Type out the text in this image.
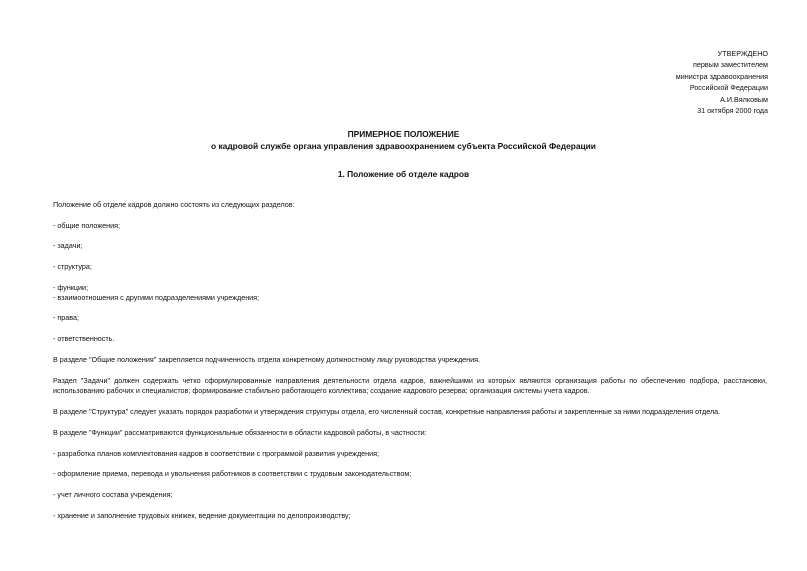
УТВЕРЖДЕНО
первым заместителем
министра здравоохранения
Российской Федерации
А.И.Вялковым
31 октября 2000 года
ПРИМЕРНОЕ ПОЛОЖЕНИЕ
о кадровой службе органа управления здравоохранением субъекта Российской Федерации
1. Положение об отделе кадров
Положение об отделе кадров должно состоять из следующих разделов:
- общие положения;
- задачи;
- структура;
- функции;
- взаимоотношения с другими подразделениями учреждения;
- права;
- ответственность.
В разделе "Общие положения" закрепляется подчиненность отдела конкретному должностному лицу руководства учреждения.
Раздел "Задачи" должен содержать четко сформулированные направления деятельности отдела кадров, важнейшими из которых являются организация работы по обеспечению подбора, расстановки, использованию рабочих и специалистов; формирование стабильно работающего коллектива; создание кадрового резерва; организация системы учета кадров.
В разделе "Структура" следует указать порядок разработки и утверждения структуры отдела, его численный состав, конкретные направления работы и закрепленные за ними подразделения отдела.
В разделе "Функции" рассматриваются функциональные обязанности в области кадровой работы, в частности:
- разработка планов комплектования кадров в соответствии с программой развития учреждения;
- оформление приема, перевода и увольнения работников в соответствии с трудовым законодательством;
- учет личного состава учреждения;
- хранение и заполнение трудовых книжек, ведение документации по делопроизводству;
